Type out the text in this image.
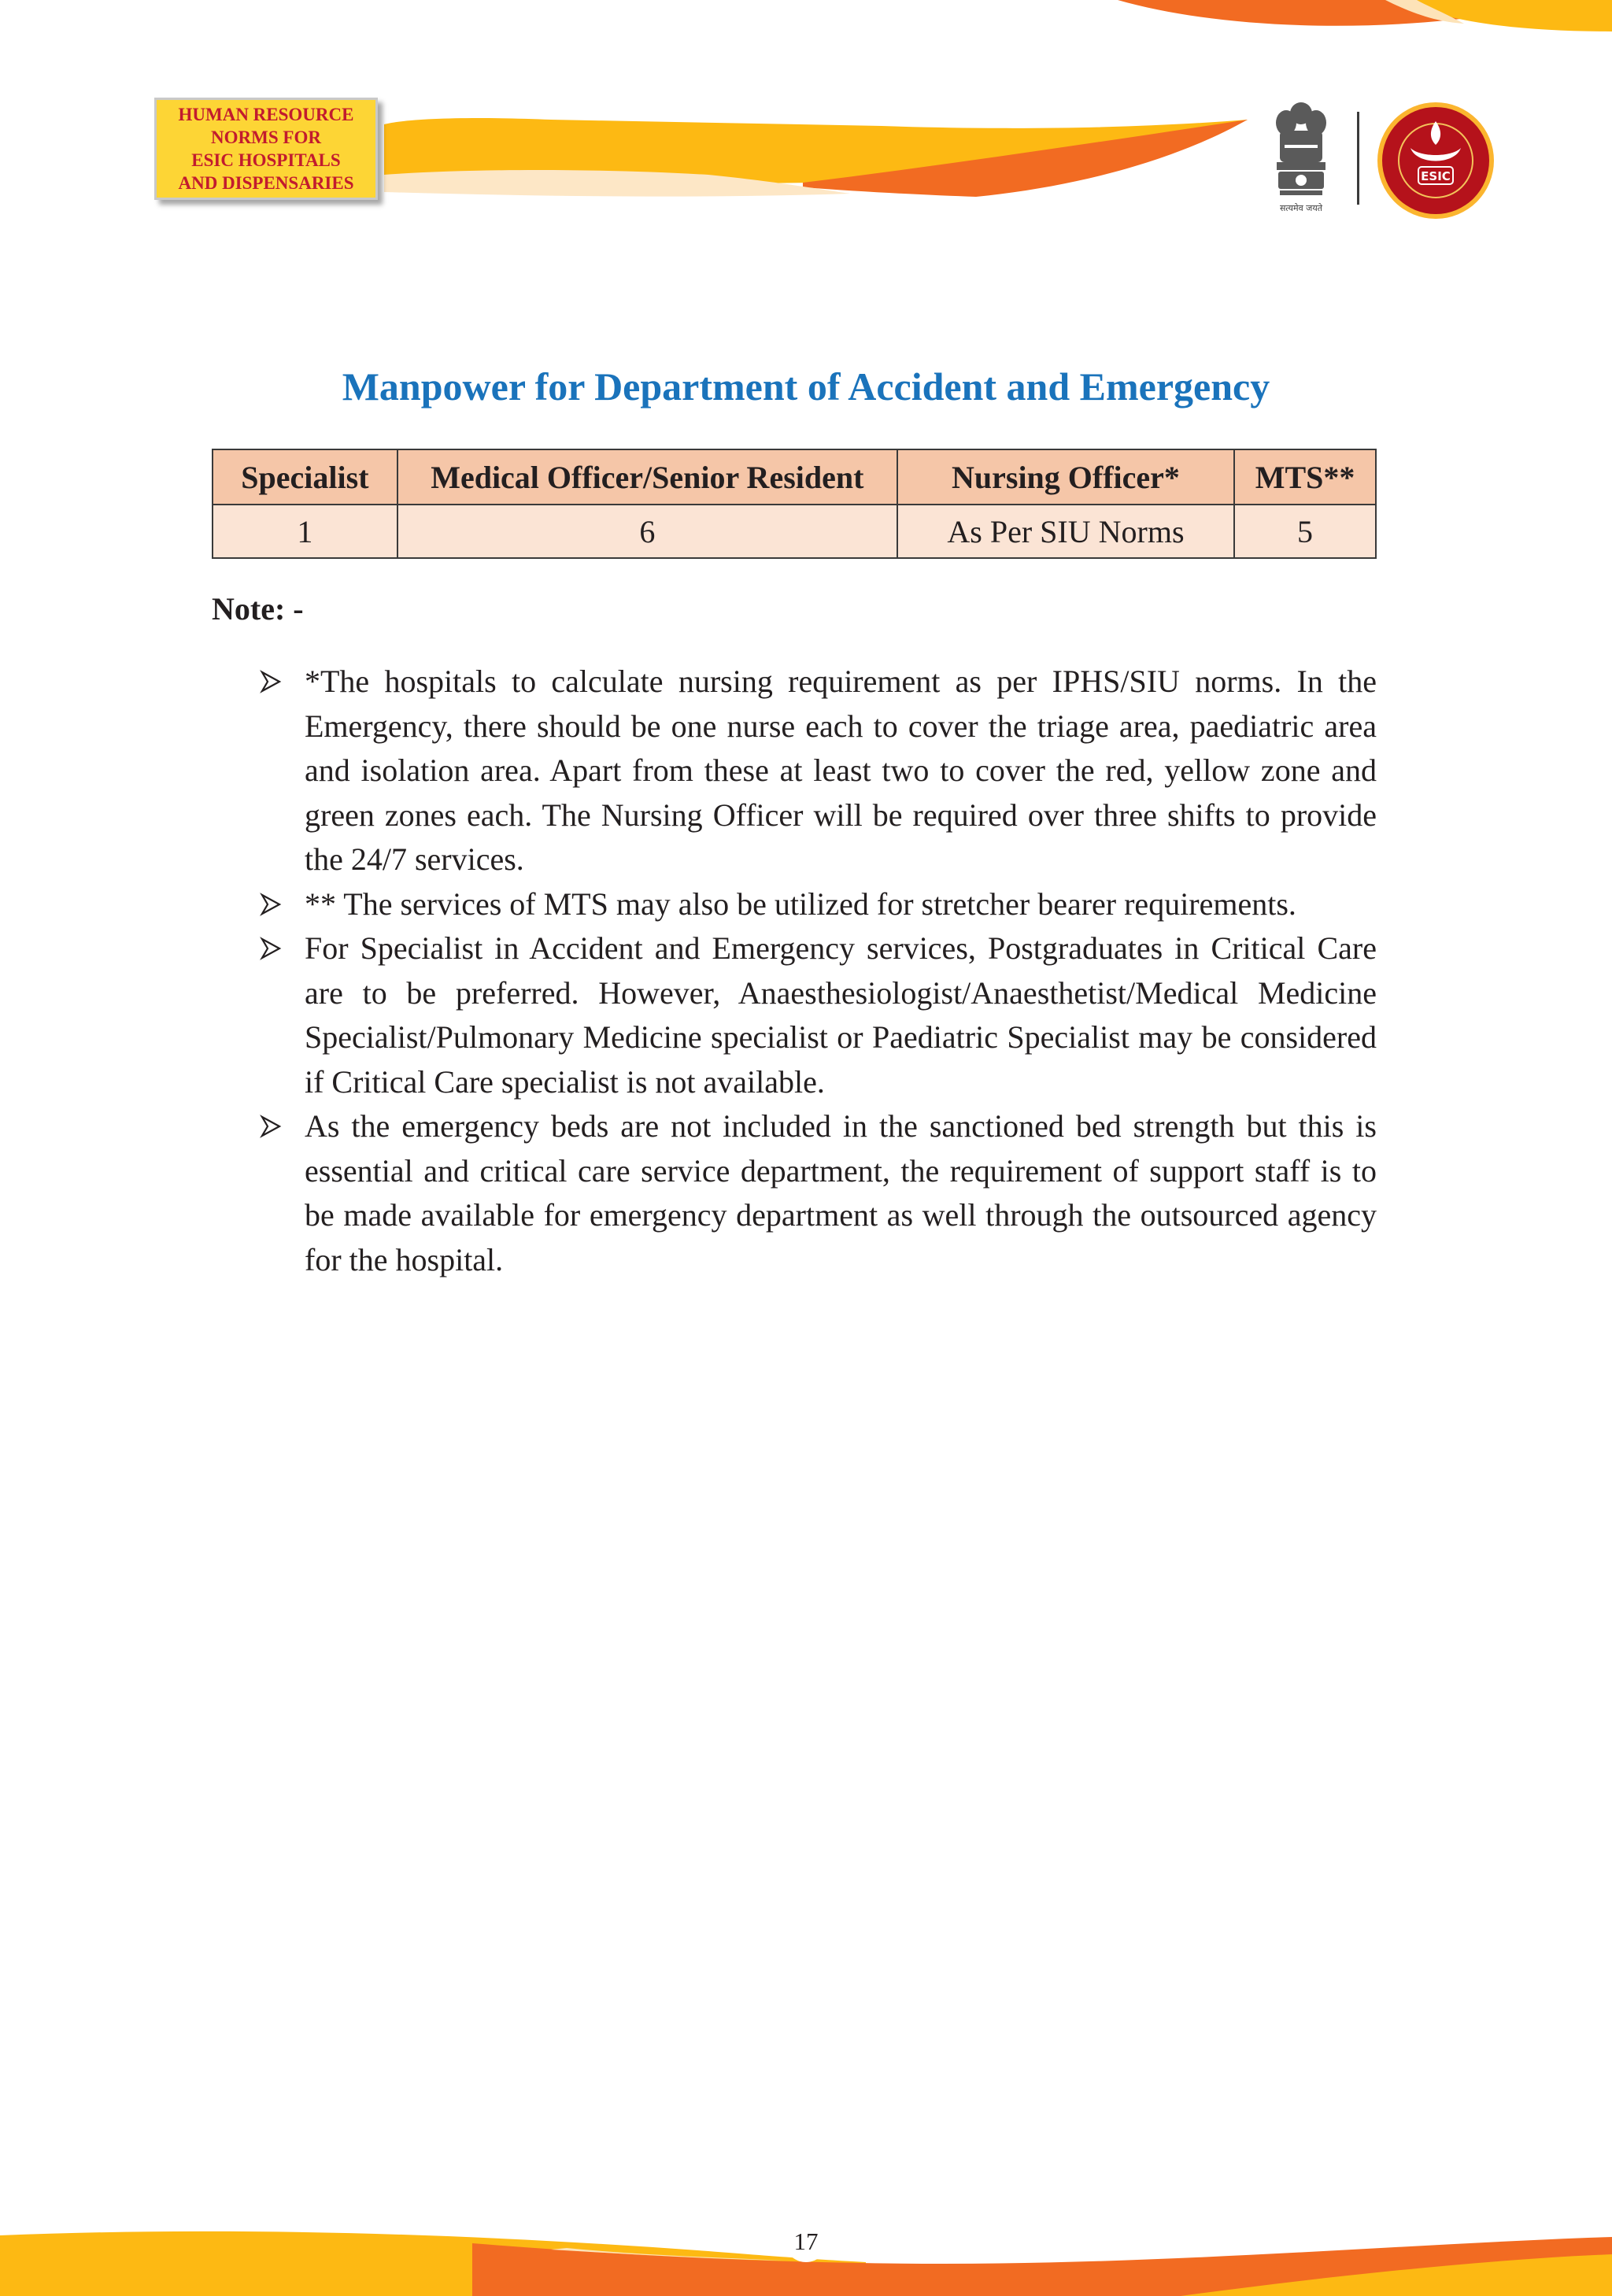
HUMAN RESOURCE
NORMS FOR
ESIC HOSPITALS
AND DISPENSARIES
सत्यमेव जयते
ESIC
Manpower for Department of Accident and Emergency
Specialist	Medical Officer/Senior Resident	Nursing Officer*	MTS**
1	6	As Per SIU Norms	5
Note: -
*The hospitals to calculate nursing requirement as per IPHS/SIU norms. In the Emergency, there should be one nurse each to cover the triage area, paediatric area and isolation area. Apart from these at least two to cover the red, yellow zone and green zones each. The Nursing Officer will be required over three shifts to provide the 24/7 services.
** The services of MTS may also be utilized for stretcher bearer requirements.
For Specialist in Accident and Emergency services, Postgraduates in Critical Care are to be preferred. However, Anaesthesiologist/Anaesthetist/Medical Medicine Specialist/Pulmonary Medicine specialist or Paediatric Specialist may be considered if Critical Care specialist is not available.
As the emergency beds are not included in the sanctioned bed strength but this is essential and critical care service department, the requirement of support staff is to be made available for emergency department as well through the outsourced agency for the hospital.
17
